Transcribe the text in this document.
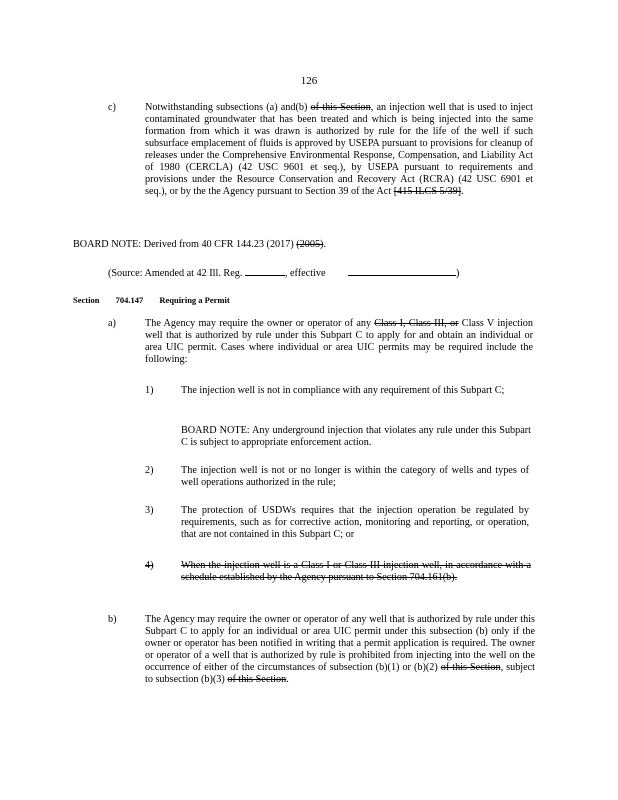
126
c)	Notwithstanding subsections (a) and(b) of this Section, an injection well that is used to inject contaminated groundwater that has been treated and which is being injected into the same formation from which it was drawn is authorized by rule for the life of the well if such subsurface emplacement of fluids is approved by USEPA pursuant to provisions for cleanup of releases under the Comprehensive Environmental Response, Compensation, and Liability Act of 1980 (CERCLA) (42 USC 9601 et seq.), by USEPA pursuant to requirements and provisions under the Resource Conservation and Recovery Act (RCRA) (42 USC 6901 et seq.), or by the the Agency pursuant to Section 39 of the Act [415 ILCS 5/39].
BOARD NOTE: Derived from 40 CFR 144.23 (2017) (2005).
(Source: Amended at 42 Ill. Reg.	, effective	)
Section 704.147 Requiring a Permit
a)	The Agency may require the owner or operator of any Class I, Class III, or Class V injection well that is authorized by rule under this Subpart C to apply for and obtain an individual or area UIC permit. Cases where individual or area UIC permits may be required include the following:
1)	The injection well is not in compliance with any requirement of this Subpart C;
BOARD NOTE: Any underground injection that violates any rule under this Subpart C is subject to appropriate enforcement action.
2)	The injection well is not or no longer is within the category of wells and types of well operations authorized in the rule;
3)	The protection of USDWs requires that the injection operation be regulated by requirements, such as for corrective action, monitoring and reporting, or operation, that are not contained in this Subpart C; or
4)	When the injection well is a Class I or Class III injection well, in accordance with a schedule established by the Agency pursuant to Section 704.161(b).
b)	The Agency may require the owner or operator of any well that is authorized by rule under this Subpart C to apply for an individual or area UIC permit under this subsection (b) only if the owner or operator has been notified in writing that a permit application is required. The owner or operator of a well that is authorized by rule is prohibited from injecting into the well on the occurrence of either of the circumstances of subsection (b)(1) or (b)(2) of this Section, subject to subsection (b)(3) of this Section.
